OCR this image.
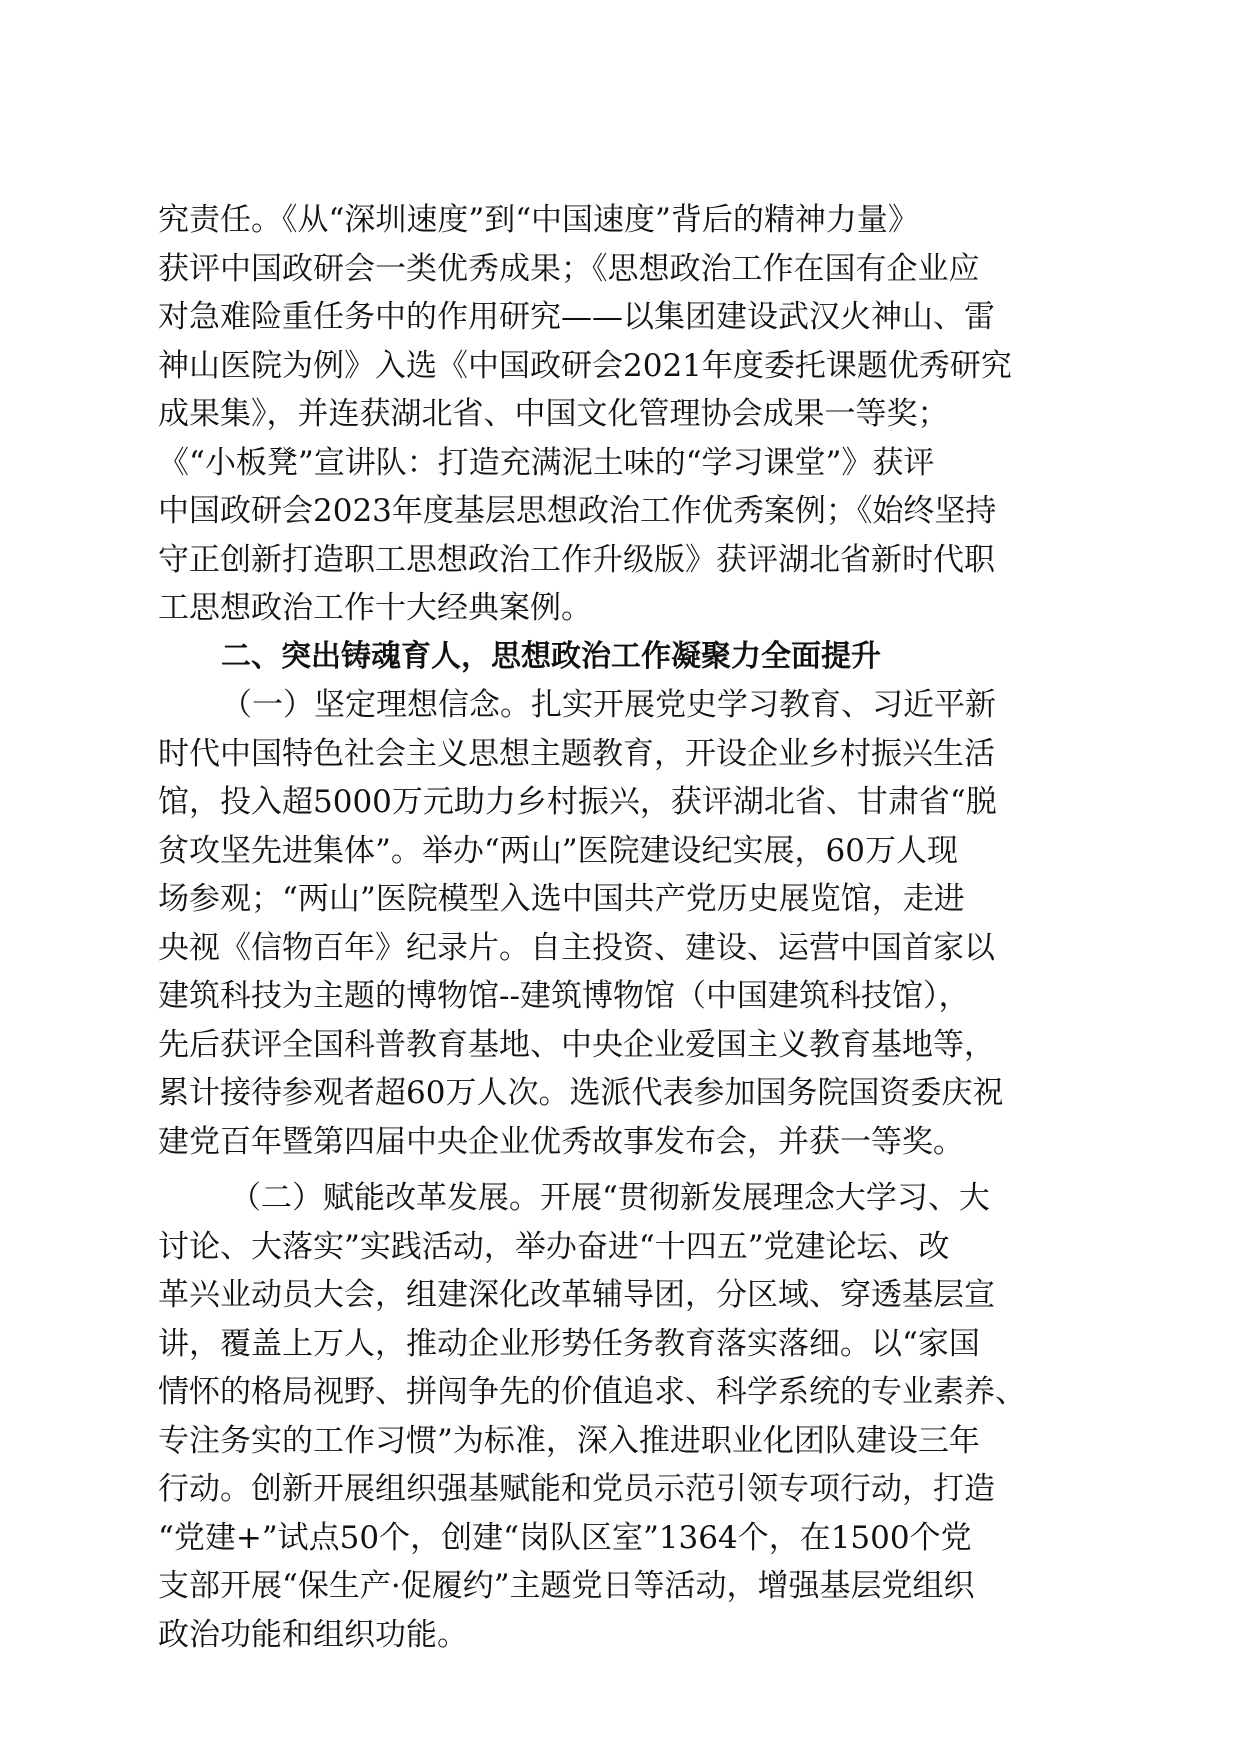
究责任。《从“深圳速度”到“中国速度”背后的精神力量》
获评中国政研会一类优秀成果；《思想政治工作在国有企业应
对急难险重任务中的作用研究——以集团建设武汉火神山、雷
神山医院为例》入选《中国政研会2021年度委托课题优秀研究
成果集》，并连获湖北省、中国文化管理协会成果一等奖；
《“小板凳”宣讲队：打造充满泥土味的“学习课堂”》获评
中国政研会2023年度基层思想政治工作优秀案例；《始终坚持
守正创新打造职工思想政治工作升级版》获评湖北省新时代职
工思想政治工作十大经典案例。
二、突出铸魂育人，思想政治工作凝聚力全面提升
（一）坚定理想信念。扎实开展党史学习教育、习近平新
时代中国特色社会主义思想主题教育，开设企业乡村振兴生活
馆，投入超5000万元助力乡村振兴，获评湖北省、甘肃省“脱
贫攻坚先进集体”。举办“两山”医院建设纪实展，60万人现
场参观；“两山”医院模型入选中国共产党历史展览馆，走进
央视《信物百年》纪录片。自主投资、建设、运营中国首家以
建筑科技为主题的博物馆--建筑博物馆（中国建筑科技馆），
先后获评全国科普教育基地、中央企业爱国主义教育基地等，
累计接待参观者超60万人次。选派代表参加国务院国资委庆祝
建党百年暨第四届中央企业优秀故事发布会，并获一等奖。
（二）赋能改革发展。开展“贯彻新发展理念大学习、大
讨论、大落实”实践活动，举办奋进“十四五”党建论坛、改
革兴业动员大会，组建深化改革辅导团，分区域、穿透基层宣
讲，覆盖上万人，推动企业形势任务教育落实落细。以“家国
情怀的格局视野、拼闯争先的价值追求、科学系统的专业素养、
专注务实的工作习惯”为标准，深入推进职业化团队建设三年
行动。创新开展组织强基赋能和党员示范引领专项行动，打造
“党建+”试点50个，创建“岗队区室”1364个，在1500个党
支部开展“保生产·促履约”主题党日等活动，增强基层党组织
政治功能和组织功能。
